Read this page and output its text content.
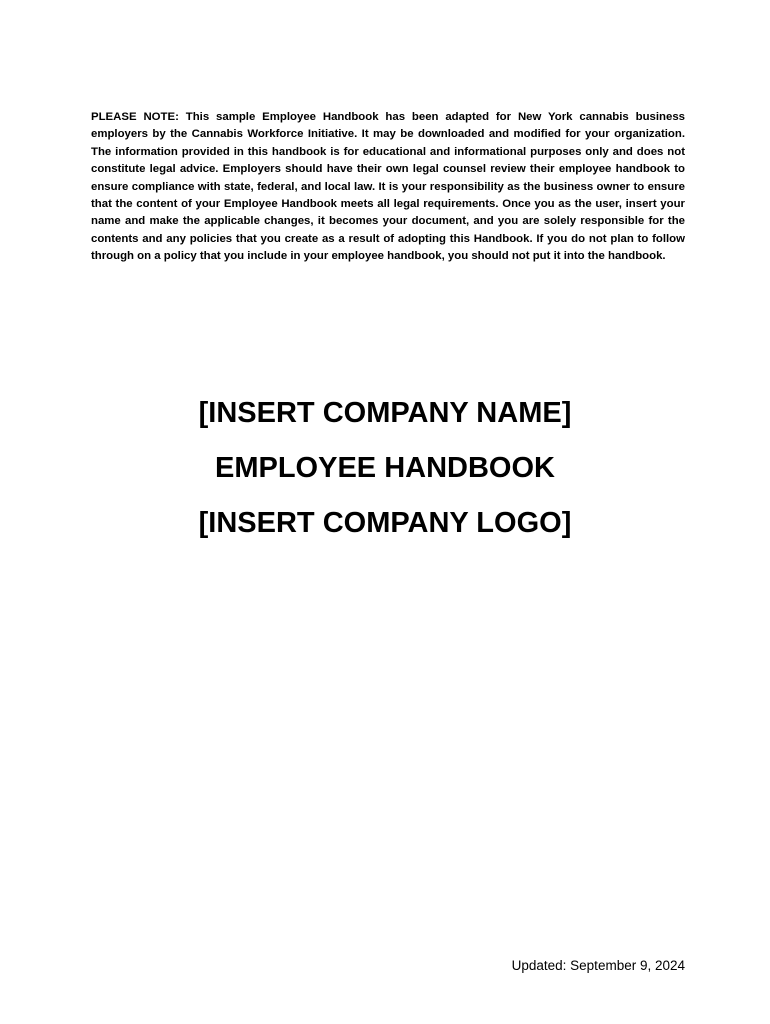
PLEASE NOTE: This sample Employee Handbook has been adapted for New York cannabis business employers by the Cannabis Workforce Initiative. It may be downloaded and modified for your organization. The information provided in this handbook is for educational and informational purposes only and does not constitute legal advice. Employers should have their own legal counsel review their employee handbook to ensure compliance with state, federal, and local law. It is your responsibility as the business owner to ensure that the content of your Employee Handbook meets all legal requirements. Once you as the user, insert your name and make the applicable changes, it becomes your document, and you are solely responsible for the contents and any policies that you create as a result of adopting this Handbook. If you do not plan to follow through on a policy that you include in your employee handbook, you should not put it into the handbook.

[INSERT COMPANY NAME]
EMPLOYEE HANDBOOK
[INSERT COMPANY LOGO]

Updated: September 9, 2024
